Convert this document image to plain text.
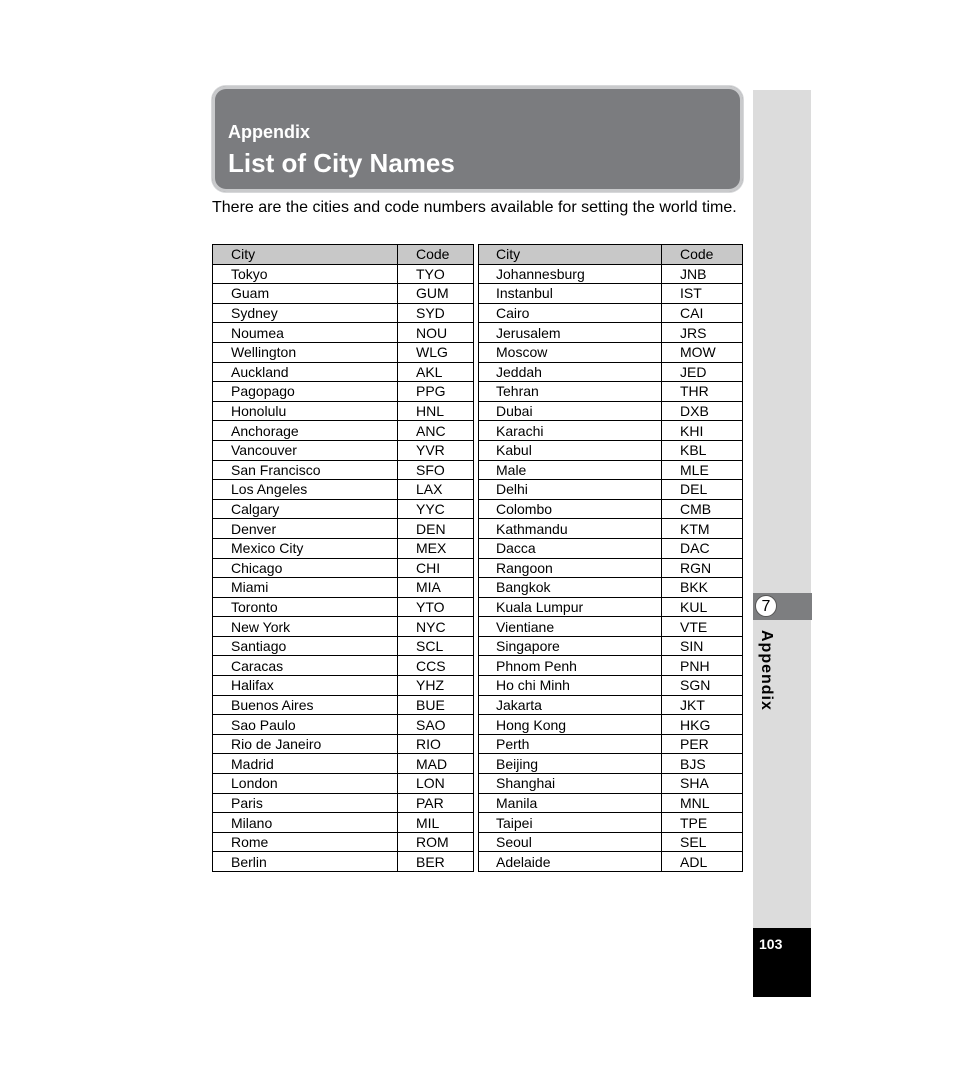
Appendix
List of City Names
There are the cities and code numbers available for setting the world time.
City	Code		City	Code
Tokyo	TYO		Johannesburg	JNB
Guam	GUM		Instanbul	IST
Sydney	SYD		Cairo	CAI
Noumea	NOU		Jerusalem	JRS
Wellington	WLG		Moscow	MOW
Auckland	AKL		Jeddah	JED
Pagopago	PPG		Tehran	THR
Honolulu	HNL		Dubai	DXB
Anchorage	ANC		Karachi	KHI
Vancouver	YVR		Kabul	KBL
San Francisco	SFO		Male	MLE
Los Angeles	LAX		Delhi	DEL
Calgary	YYC		Colombo	CMB
Denver	DEN		Kathmandu	KTM
Mexico City	MEX		Dacca	DAC
Chicago	CHI		Rangoon	RGN
Miami	MIA		Bangkok	BKK
Toronto	YTO		Kuala Lumpur	KUL
New York	NYC		Vientiane	VTE
Santiago	SCL		Singapore	SIN
Caracas	CCS		Phnom Penh	PNH
Halifax	YHZ		Ho chi Minh	SGN
Buenos Aires	BUE		Jakarta	JKT
Sao Paulo	SAO		Hong Kong	HKG
Rio de Janeiro	RIO		Perth	PER
Madrid	MAD		Beijing	BJS
London	LON		Shanghai	SHA
Paris	PAR		Manila	MNL
Milano	MIL		Taipei	TPE
Rome	ROM		Seoul	SEL
Berlin	BER		Adelaide	ADL
7
Appendix
103
